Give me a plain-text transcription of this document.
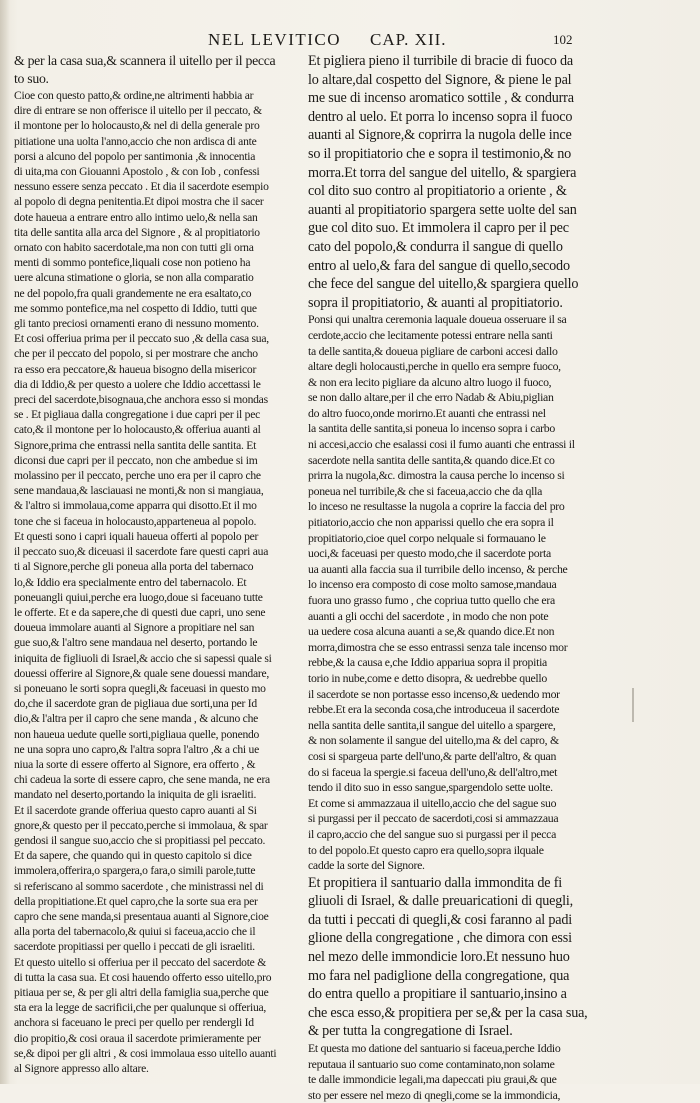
NEL LEVITICO CAP. XII.	102
& per la casa sua,& scannera il uitello per il pecca
to suo.
Cioe con questo patto,& ordine,ne altrimenti habbia ar
dire di entrare se non offerisce il uitello per il peccato, &
il montone per lo holocausto,& nel di della generale pro
pitiatione una uolta l'anno,accio che non ardisca di ante
porsi a alcuno del popolo per santimonia ,& innocentia
di uita,ma con Giouanni Apostolo , & con Iob , confessi
nessuno essere senza peccato . Et dia il sacerdote esempio
al popolo di degna penitentia.Et dipoi mostra che il sacer
dote haueua a entrare entro allo intimo uelo,& nella san
tita delle santita alla arca del Signore , & al propitiatorio
ornato con habito sacerdotale,ma non con tutti gli orna
menti di sommo pontefice,liquali cose non potieno ha
uere alcuna stimatione o gloria, se non alla comparatio
ne del popolo,fra quali grandemente ne era esaltato,co
me sommo pontefice,ma nel cospetto di Iddio, tutti que
gli tanto preciosi ornamenti erano di nessuno momento.
Et cosi offeriua prima per il peccato suo ,& della casa sua,
che per il peccato del popolo, si per mostrare che ancho
ra esso era peccatore,& haueua bisogno della misericor
dia di Iddio,& per questo a uolere che Iddio accettassi le
preci del sacerdote,bisognaua,che anchora esso si mondas
se . Et pigliaua dalla congregatione i due capri per il pec
cato,& il montone per lo holocausto,& offeriua auanti al
Signore,prima che entrassi nella santita delle santita. Et
diconsi due capri per il peccato, non che ambedue si im
molassino per il peccato, perche uno era per il capro che
sene mandaua,& lasciauasi ne monti,& non si mangiaua,
& l'altro si immolaua,come apparra qui disotto.Et il mo
tone che si faceua in holocausto,apparteneua al popolo.
Et questi sono i capri iquali haueua offerti al popolo per
il peccato suo,& diceuasi il sacerdote fare questi capri aua
ti al Signore,perche gli poneua alla porta del tabernaco
lo,& Iddio era specialmente entro del tabernacolo. Et
poneuangli quiui,perche era luogo,doue si faceuano tutte
le offerte. Et e da sapere,che di questi due capri, uno sene
doueua immolare auanti al Signore a propitiare nel san
gue suo,& l'altro sene mandaua nel deserto, portando le
iniquita de figliuoli di Israel,& accio che si sapessi quale si
douessi offerire al Signore,& quale sene douessi mandare,
si poneuano le sorti sopra quegli,& faceuasi in questo mo
do,che il sacerdote gran de pigliaua due sorti,una per Id
dio,& l'altra per il capro che sene manda , & alcuno che
non haueua uedute quelle sorti,pigliaua quelle, ponendo
ne una sopra uno capro,& l'altra sopra l'altro ,& a chi ue
niua la sorte di essere offerto al Signore, era offerto , &
chi cadeua la sorte di essere capro, che sene manda, ne era
mandato nel deserto,portando la iniquita de gli israeliti.
Et il sacerdote grande offeriua questo capro auanti al Si
gnore,& questo per il peccato,perche si immolaua, & spar
gendosi il sangue suo,accio che si propitiassi pel peccato.
Et da sapere, che quando qui in questo capitolo si dice
immolera,offerira,o spargera,o fara,o simili parole,tutte
si referiscano al sommo sacerdote , che ministrassi nel di
della propitiatione.Et quel capro,che la sorte sua era per
capro che sene manda,si presentaua auanti al Signore,cioe
alla porta del tabernacolo,& quiui si faceua,accio che il
sacerdote propitiassi per quello i peccati de gli israeliti.
Et questo uitello si offeriua per il peccato del sacerdote &
di tutta la casa sua. Et cosi hauendo offerto esso uitello,pro
pitiaua per se, & per gli altri della famiglia sua,perche que
sta era la legge de sacrificii,che per qualunque si offeriua,
anchora si faceuano le preci per quello per rendergli Id
dio propitio,& cosi oraua il sacerdote primieramente per
se,& dipoi per gli altri , & cosi immolaua esso uitello auanti
al Signore appresso allo altare.
Et pigliera pieno il turribile di bracie di fuoco da
lo altare,dal cospetto del Signore, & piene le pal
me sue di incenso aromatico sottile , & condurra
dentro al uelo. Et porra lo incenso sopra il fuoco
auanti al Signore,& coprirra la nugola delle ince
so il propitiatorio che e sopra il testimonio,& no
morra.Et torra del sangue del uitello, & spargiera
col dito suo contro al propitiatorio a oriente , &
auanti al propitiatorio spargera sette uolte del san
gue col dito suo. Et immolera il capro per il pec
cato del popolo,& condurra il sangue di quello
entro al uelo,& fara del sangue di quello,secodo
che fece del sangue del uitello,& spargiera quello
sopra il propitiatorio, & auanti al propitiatorio.
Ponsi qui unaltra ceremonia laquale doueua osseruare il sa
cerdote,accio che lecitamente potessi entrare nella santi
ta delle santita,& doueua pigliare de carboni accesi dallo
altare degli holocausti,perche in quello era sempre fuoco,
& non era lecito pigliare da alcuno altro luogo il fuoco,
se non dallo altare,per il che erro Nadab & Abiu,piglian
do altro fuoco,onde morirno.Et auanti che entrassi nel
la santita delle santita,si poneua lo incenso sopra i carbo
ni accesi,accio che esalassi cosi il fumo auanti che entrassi il
sacerdote nella santita delle santita,& quando dice.Et co
prirra la nugola,&c. dimostra la causa perche lo incenso si
poneua nel turribile,& che si faceua,accio che da qlla
lo inceso ne resultasse la nugola a coprire la faccia del pro
pitiatorio,accio che non apparissi quello che era sopra il
propitiatorio,cioe quel corpo nelquale si formauano le
uoci,& faceuasi per questo modo,che il sacerdote porta
ua auanti alla faccia sua il turribile dello incenso, & perche
lo incenso era composto di cose molto samose,mandaua
fuora uno grasso fumo , che copriua tutto quello che era
auanti a gli occhi del sacerdote , in modo che non pote
ua uedere cosa alcuna auanti a se,& quando dice.Et non
morra,dimostra che se esso entrassi senza tale incenso mor
rebbe,& la causa e,che Iddio appariua sopra il propitia
torio in nube,come e detto disopra, & uedrebbe quello
il sacerdote se non portasse esso incenso,& uedendo mor
rebbe.Et era la seconda cosa,che introduceua il sacerdote
nella santita delle santita,il sangue del uitello a spargere,
& non solamente il sangue del uitello,ma & del capro, &
cosi si spargeua parte dell'uno,& parte dell'altro, & quan
do si faceua la spergie.si faceua dell'uno,& dell'altro,met
tendo il dito suo in esso sangue,spargendolo sette uolte.
Et come si ammazzaua il uitello,accio che del sague suo
si purgassi per il peccato de sacerdoti,cosi si ammazzaua
il capro,accio che del sangue suo si purgassi per il pecca
to del popolo.Et questo capro era quello,sopra ilquale
cadde la sorte del Signore.
Et propitiera il santuario dalla immondita de fi
gliuoli di Israel, & dalle preuaricationi di quegli,
da tutti i peccati di quegli,& cosi faranno al padi
glione della congregatione , che dimora con essi
nel mezo delle immondicie loro.Et nessuno huo
mo fara nel padiglione della congregatione, qua
do entra quello a propitiare il santuario,insino a
che esca esso,& propitiera per se,& per la casa sua,
& per tutta la congregatione di Israel.
Et questa mo datione del santuario si faceua,perche Iddio
reputaua il santuario suo come contaminato,non solame
te dalle immondicie legali,ma dapeccati piu graui,& que
sto per essere nel mezo di qnegli,come se la immondicia,
